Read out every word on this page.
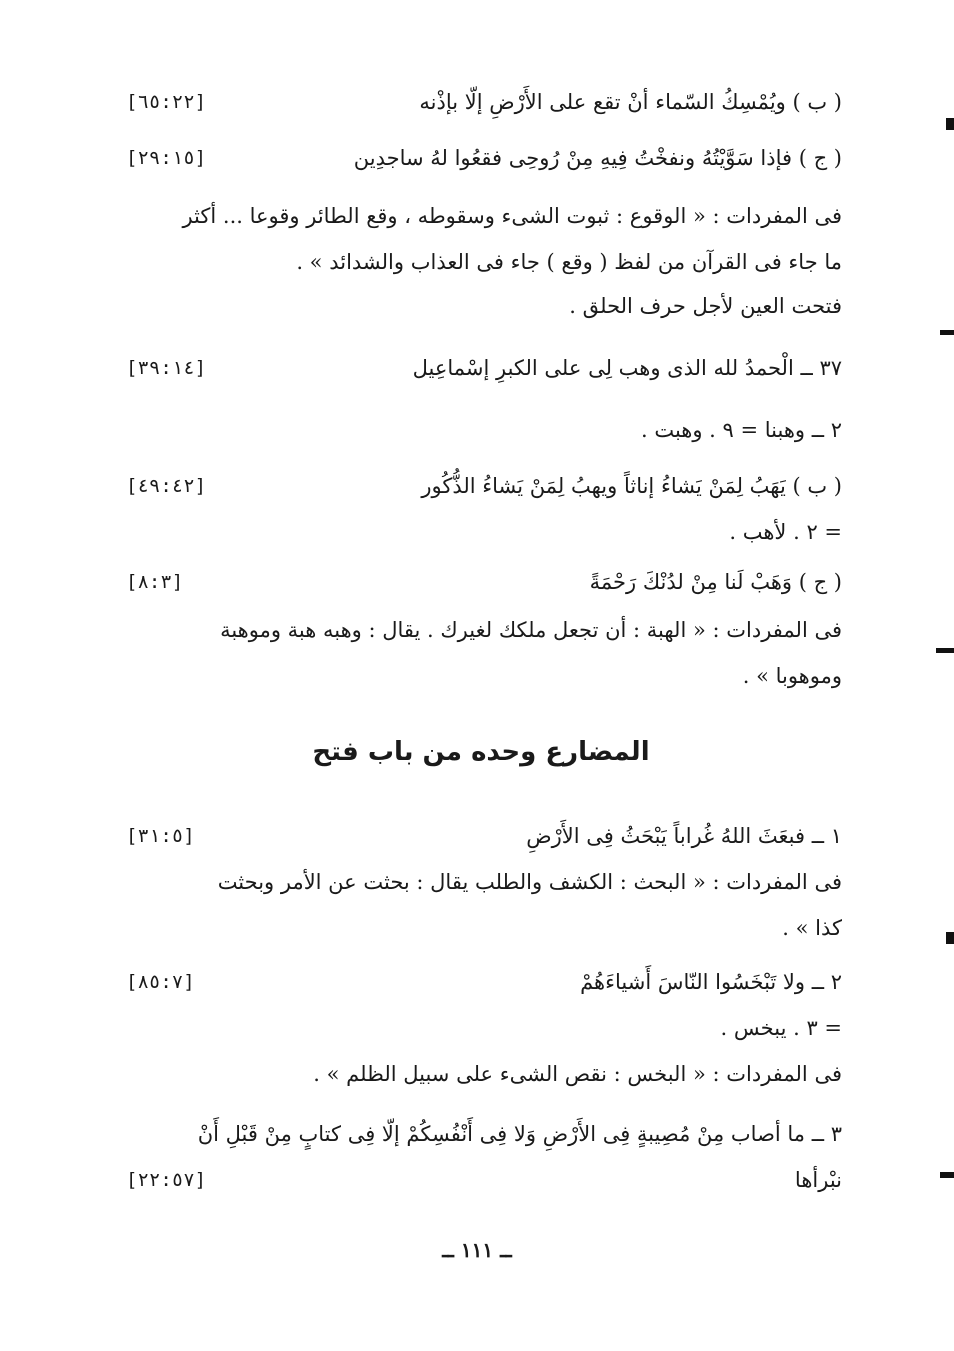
( ب ) ويُمْسِكُ السّماء أنْ تقع على الأَرْضِ إلّا بإذْنه
[٦٥:٢٢]
( ج ) فإذا سَوَّيْتُهُ ونفخْتُ فِيهِ مِنْ رُوحِى فقعُوا لهُ ساجدِين
[٢٩:١٥]
فى المفردات : « الوقوع : ثبوت الشىء وسقوطه ، وقع الطائر وقوعا ... أكثر
ما جاء فى القرآن من لفظ ( وقع ) جاء فى العذاب والشدائد » .
فتحت العين لأجل حرف الحلق .
٣٧ ــ الْحمدُ لله الذى وهب لِى على الكبرِ إسْماعِيل
[٣٩:١٤]
٢ ــ وهبنا = ٩ . وهبت .
( ب ) يَهَبُ لِمَنْ يَشاءُ إناثاً ويهبُ لِمَنْ يَشاءُ الذُّكُور
[٤٩:٤٢]
= ٢ . لأهب .
( ج ) وَهَبْ لَنا مِنْ لدُنْكَ رَحْمَةً
[٨:٣]
فى المفردات : « الهبة : أن تجعل ملكك لغيرك . يقال : وهبه هبة وموهبة
وموهوبا » .
المضارع وحده من باب فتح
١ ــ فبعَثَ اللهُ غُراباً يَبْحَثُ فِى الأَرْضِ
[٣١:٥]
فى المفردات : « البحث : الكشف والطلب يقال : بحثت عن الأمر وبحثت
كذا » .
٢ ــ ولا تَبْخَسُوا النّاسَ أَشياءَهُمْ
[٨٥:٧]
= ٣ . يبخس .
فى المفردات : « البخس : نقص الشىء على سبيل الظلم » .
٣ ــ ما أصاب مِنْ مُصِيبةٍ فِى الأَرْضِ وَلا فِى أَنْفُسِكُمْ إلّا فِى كتابٍ مِنْ قَبْلِ أَنْ
نبْرأها
[٢٢:٥٧]
ــ ١١١ ــ
